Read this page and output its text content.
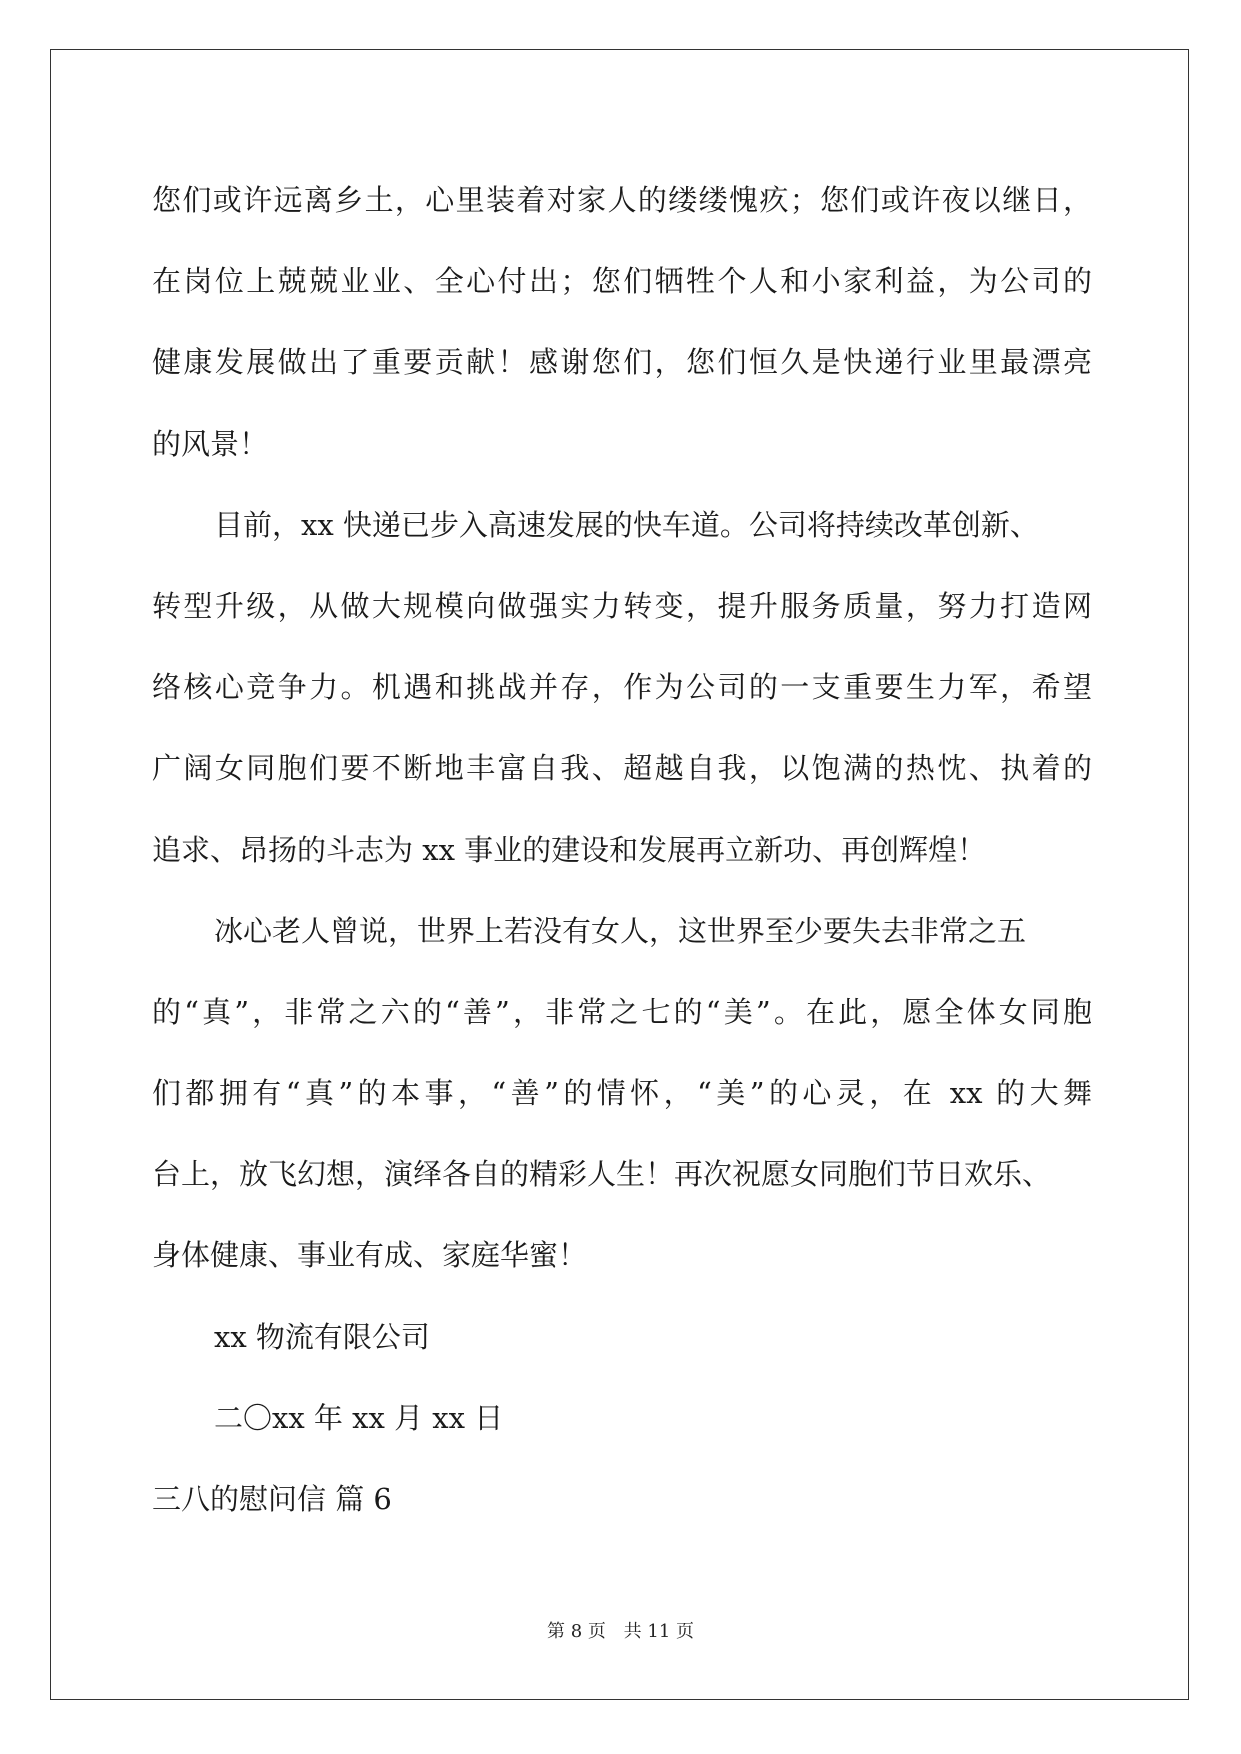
您们或许远离乡土，心里装着对家人的缕缕愧疚；您们或许夜以继日，
在岗位上兢兢业业、全心付出；您们牺牲个人和小家利益，为公司的
健康发展做出了重要贡献！感谢您们，您们恒久是快递行业里最漂亮
的风景！
目前，xx 快递已步入高速发展的快车道。公司将持续改革创新、
转型升级，从做大规模向做强实力转变，提升服务质量，努力打造网
络核心竞争力。机遇和挑战并存，作为公司的一支重要生力军，希望
广阔女同胞们要不断地丰富自我、超越自我，以饱满的热忱、执着的
追求、昂扬的斗志为 xx 事业的建设和发展再立新功、再创辉煌！
冰心老人曾说，世界上若没有女人，这世界至少要失去非常之五
的“真”，非常之六的“善”，非常之七的“美”。在此，愿全体女同胞
们都拥有“真”的本事，“善”的情怀，“美”的心灵，在 xx 的大舞
台上，放飞幻想，演绎各自的精彩人生！再次祝愿女同胞们节日欢乐、
身体健康、事业有成、家庭华蜜！
xx 物流有限公司
二〇xx 年 xx 月 xx 日
三八的慰问信 篇 6
第 8 页 共 11 页
